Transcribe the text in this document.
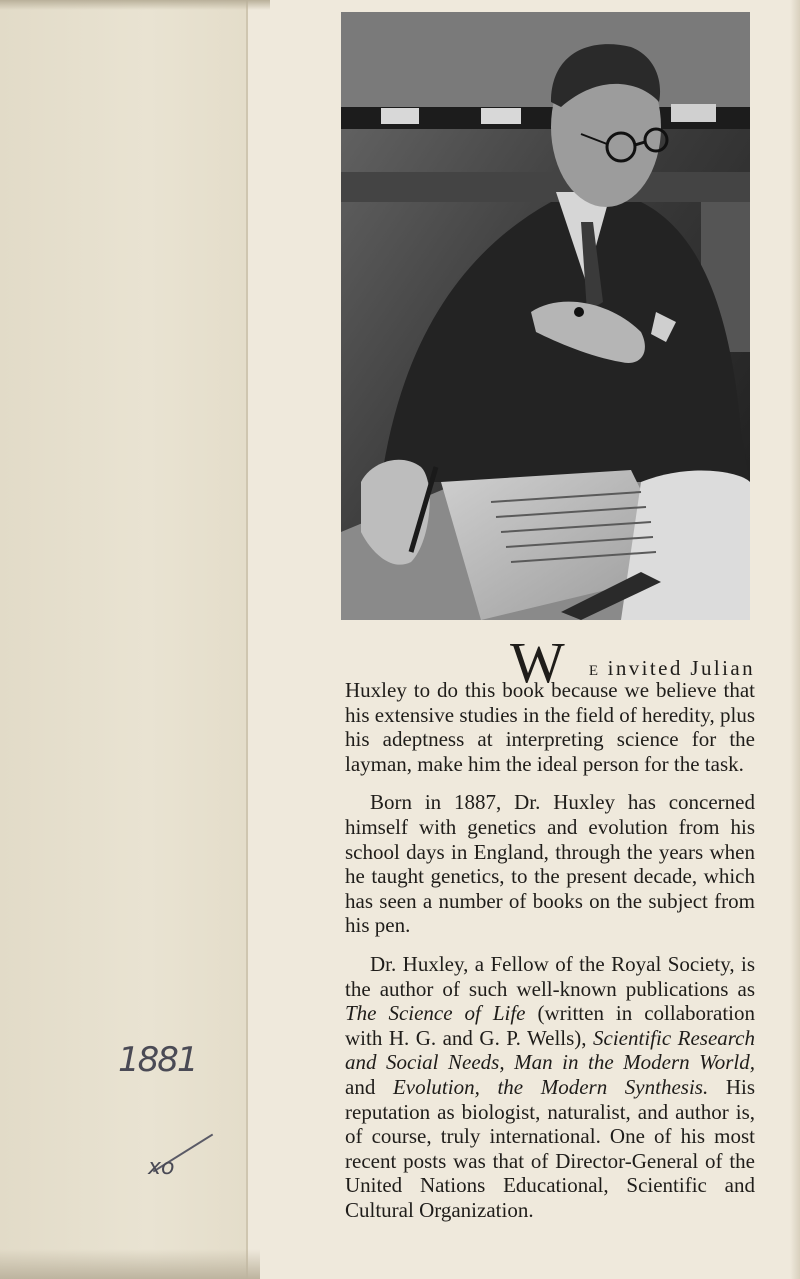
1881
xo
W	E invited Julian

Huxley to do this book because we believe that his extensive studies in the field of heredity, plus his adeptness at interpreting science for the layman, make him the ideal person for the task.

Born in 1887, Dr. Huxley has concerned himself with genetics and evolution from his school days in England, through the years when he taught genetics, to the present decade, which has seen a number of books on the subject from his pen.

Dr. Huxley, a Fellow of the Royal Society, is the author of such well-known publications as The Science of Life (written in collaboration with H. G. and G. P. Wells), Scientific Research and Social Needs, Man in the Modern World, and Evolution, the Modern Synthesis. His reputation as biologist, naturalist, and author is, of course, truly international. One of his most recent posts was that of Director-General of the United Nations Educational, Scientific and Cultural Organization.
